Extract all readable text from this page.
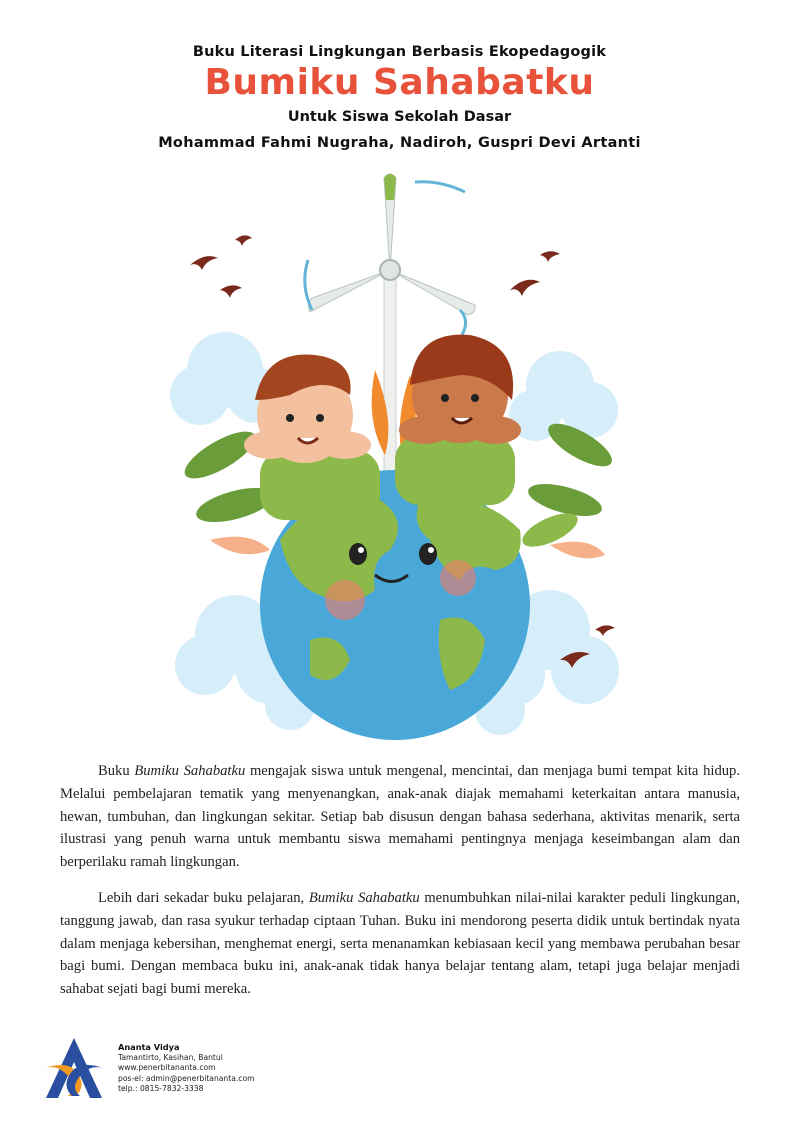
Buku Literasi Lingkungan Berbasis Ekopedagogik
Bumiku Sahabatku
Untuk Siswa Sekolah Dasar
Mohammad Fahmi Nugraha, Nadiroh, Guspri Devi Artanti

Buku Bumiku Sahabatku mengajak siswa untuk mengenal, mencintai, dan menjaga bumi tempat kita hidup. Melalui pembelajaran tematik yang menyenangkan, anak-anak diajak memahami keterkaitan antara manusia, hewan, tumbuhan, dan lingkungan sekitar. Setiap bab disusun dengan bahasa sederhana, aktivitas menarik, serta ilustrasi yang penuh warna untuk membantu siswa memahami pentingnya menjaga keseimbangan alam dan berperilaku ramah lingkungan.

Lebih dari sekadar buku pelajaran, Bumiku Sahabatku menumbuhkan nilai-nilai karakter peduli lingkungan, tanggung jawab, dan rasa syukur terhadap ciptaan Tuhan. Buku ini mendorong peserta didik untuk bertindak nyata dalam menjaga kebersihan, menghemat energi, serta menanamkan kebiasaan kecil yang membawa perubahan besar bagi bumi. Dengan membaca buku ini, anak-anak tidak hanya belajar tentang alam, tetapi juga belajar menjadi sahabat sejati bagi bumi mereka.

Ananta Vidya
Tamantirto, Kasihan, Bantul
www.penerbitananta.com
pos-el: admin@penerbitananta.com
telp.: 0815-7832-3338
